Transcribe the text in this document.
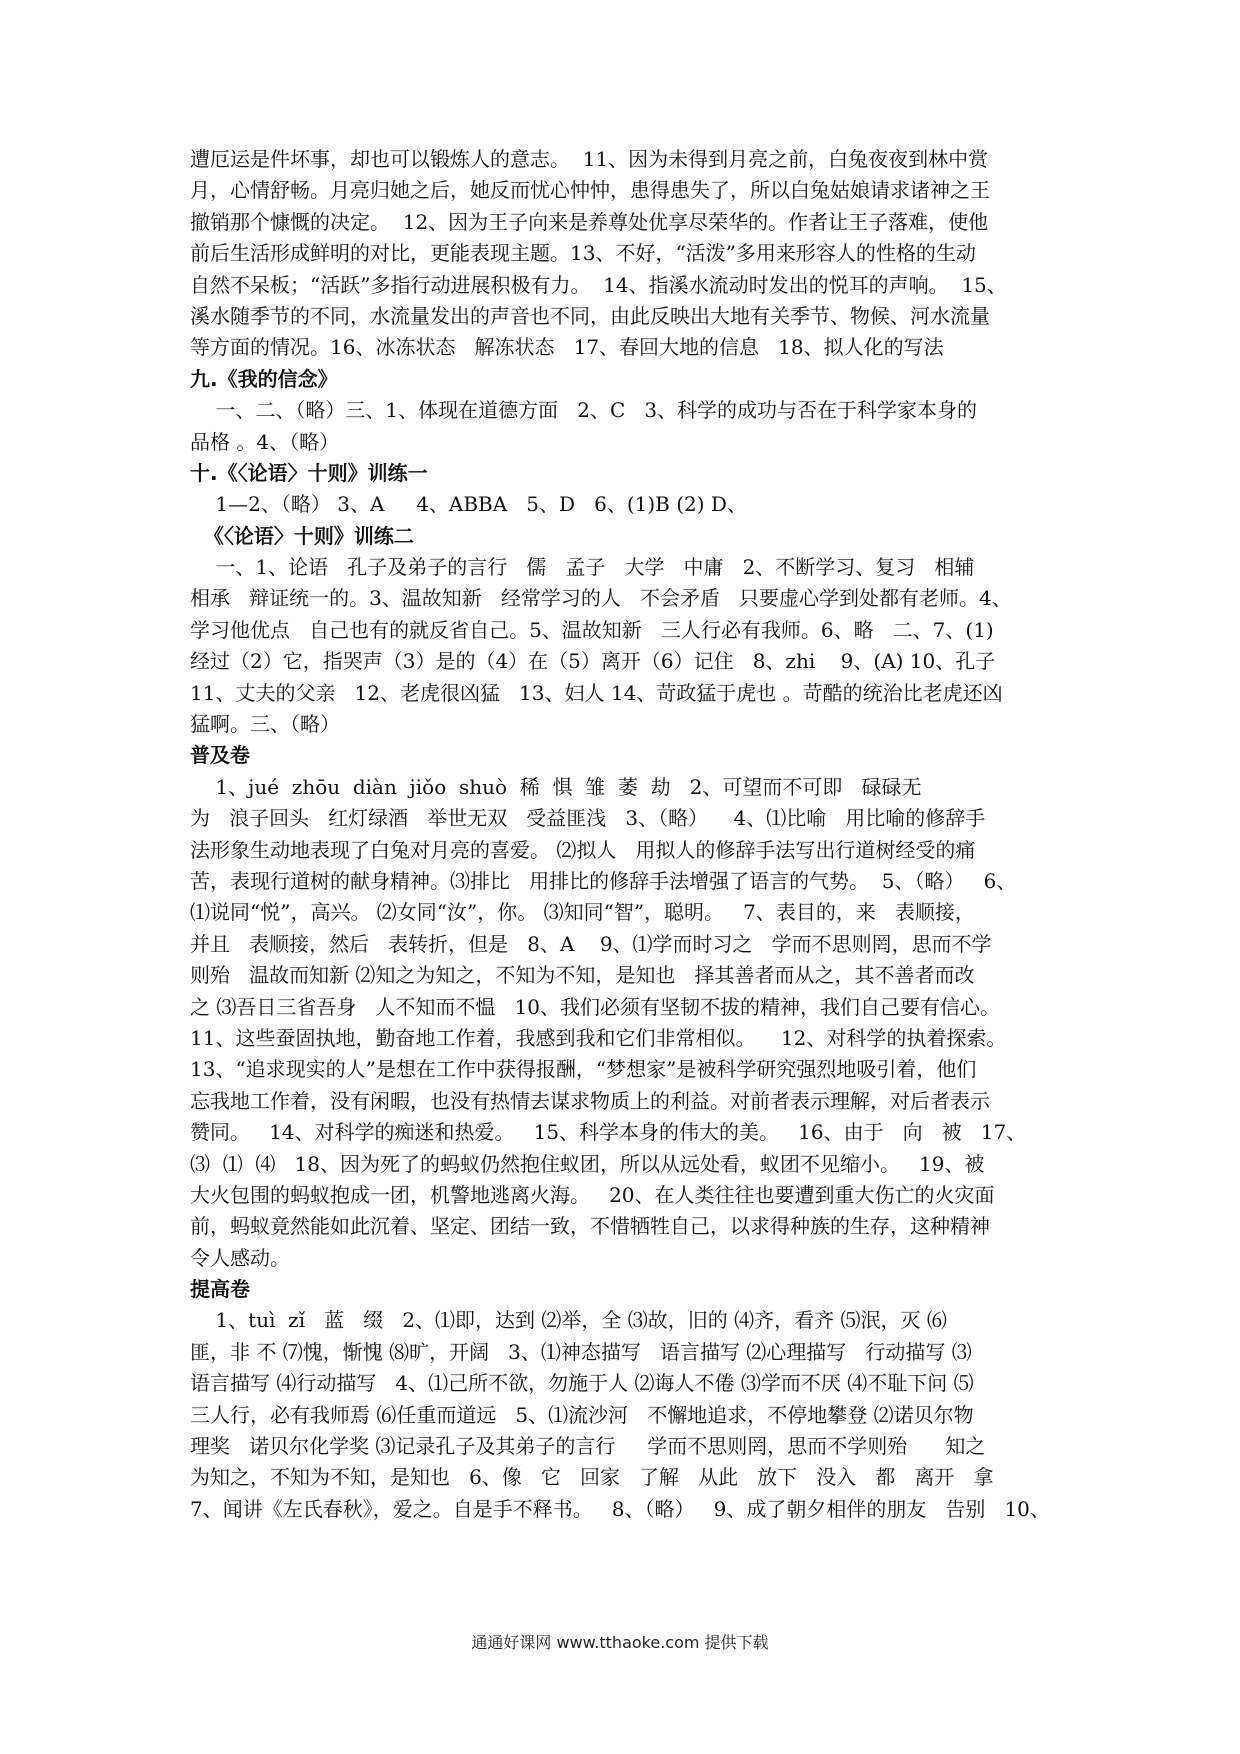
遭厄运是件坏事，却也可以锻炼人的意志。  11、因为未得到月亮之前，白兔夜夜到林中赏
月，心情舒畅。月亮归她之后，她反而忧心忡忡，患得患失了，所以白兔姑娘请求诸神之王
撤销那个慷慨的决定。  12、因为王子向来是养尊处优享尽荣华的。作者让王子落难，使他
前后生活形成鲜明的对比，更能表现主题。13、不好，“活泼”多用来形容人的性格的生动
自然不呆板；“活跃”多指行动进展积极有力。  14、指溪水流动时发出的悦耳的声响。  15、
溪水随季节的不同，水流量发出的声音也不同，由此反映出大地有关季节、物候、河水流量
等方面的情况。16、冰冻状态   解冻状态   17、春回大地的信息   18、拟人化的写法
九.《我的信念》
一、二、（略）三、1、体现在道德方面   2、C   3、科学的成功与否在于科学家本身的
品格 。4、（略）
十.《〈论语〉十则》训练一
1—2、（略） 3、A     4、ABBA   5、D   6、(1)B (2) D、
《〈论语〉十则》训练二
一、1、论语   孔子及弟子的言行   儒   孟子   大学   中庸   2、不断学习、复习   相辅
相承   辩证统一的。3、温故知新   经常学习的人   不会矛盾   只要虚心学到处都有老师。4、
学习他优点   自己也有的就反省自己。5、温故知新   三人行必有我师。6、略   二、7、(1)
经过（2）它，指哭声（3）是的（4）在（5）离开（6）记住   8、zhi    9、(A) 10、孔子
11、丈夫的父亲   12、老虎很凶猛   13、妇人 14、苛政猛于虎也 。苛酷的统治比老虎还凶
猛啊。三、（略）
普及卷
1、jué  zhōu  diàn  jiǒo  shuò  稀  惧  雏  萎  劫   2、可望而不可即   碌碌无
为   浪子回头   红灯绿酒   举世无双   受益匪浅   3、（略）    4、⑴比喻   用比喻的修辞手
法形象生动地表现了白兔对月亮的喜爱。 ⑵拟人   用拟人的修辞手法写出行道树经受的痛
苦，表现行道树的献身精神。⑶排比   用排比的修辞手法增强了语言的气势。  5、（略）   6、
⑴说同“悦”，高兴。 ⑵女同“汝”，你。 ⑶知同“智”，聪明。   7、表目的，来   表顺接，
并且   表顺接，然后   表转折，但是   8、A    9、⑴学而时习之   学而不思则罔，思而不学
则殆   温故而知新 ⑵知之为知之，不知为不知，是知也   择其善者而从之，其不善者而改
之 ⑶吾日三省吾身   人不知而不愠   10、我们必须有坚韧不拔的精神，我们自己要有信心。
11、这些蚕固执地，勤奋地工作着，我感到我和它们非常相似。    12、对科学的执着探索。
13、“追求现实的人”是想在工作中获得报酬，“梦想家”是被科学研究强烈地吸引着，他们
忘我地工作着，没有闲暇，也没有热情去谋求物质上的利益。对前者表示理解，对后者表示
赞同。   14、对科学的痴迷和热爱。   15、科学本身的伟大的美。   16、由于   向   被   17、
⑶  ⑴  ⑷   18、因为死了的蚂蚁仍然抱住蚁团，所以从远处看，蚁团不见缩小。   19、被
大火包围的蚂蚁抱成一团，机警地逃离火海。   20、在人类往往也要遭到重大伤亡的火灾面
前，蚂蚁竟然能如此沉着、坚定、团结一致，不惜牺牲自己，以求得种族的生存，这种精神
令人感动。
提高卷
1、tuì  zǐ   蓝   缀   2、⑴即，达到 ⑵举，全 ⑶故，旧的 ⑷齐，看齐 ⑸泯，灭 ⑹
匪，非 不 ⑺愧，惭愧 ⑻旷，开阔   3、⑴神态描写   语言描写 ⑵心理描写   行动描写 ⑶
语言描写 ⑷行动描写   4、⑴己所不欲，勿施于人 ⑵诲人不倦 ⑶学而不厌 ⑷不耻下问 ⑸
三人行，必有我师焉 ⑹任重而道远   5、⑴流沙河   不懈地追求，不停地攀登 ⑵诺贝尔物
理奖   诺贝尔化学奖 ⑶记录孔子及其弟子的言行     学而不思则罔，思而不学则殆      知之
为知之，不知为不知，是知也   6、像   它   回家   了解   从此   放下   没入   都   离开   拿
7、闻讲《左氏春秋》，爱之。自是手不释书。   8、（略）   9、成了朝夕相伴的朋友   告别   10、
通通好课网 www.tthaoke.com 提供下载
